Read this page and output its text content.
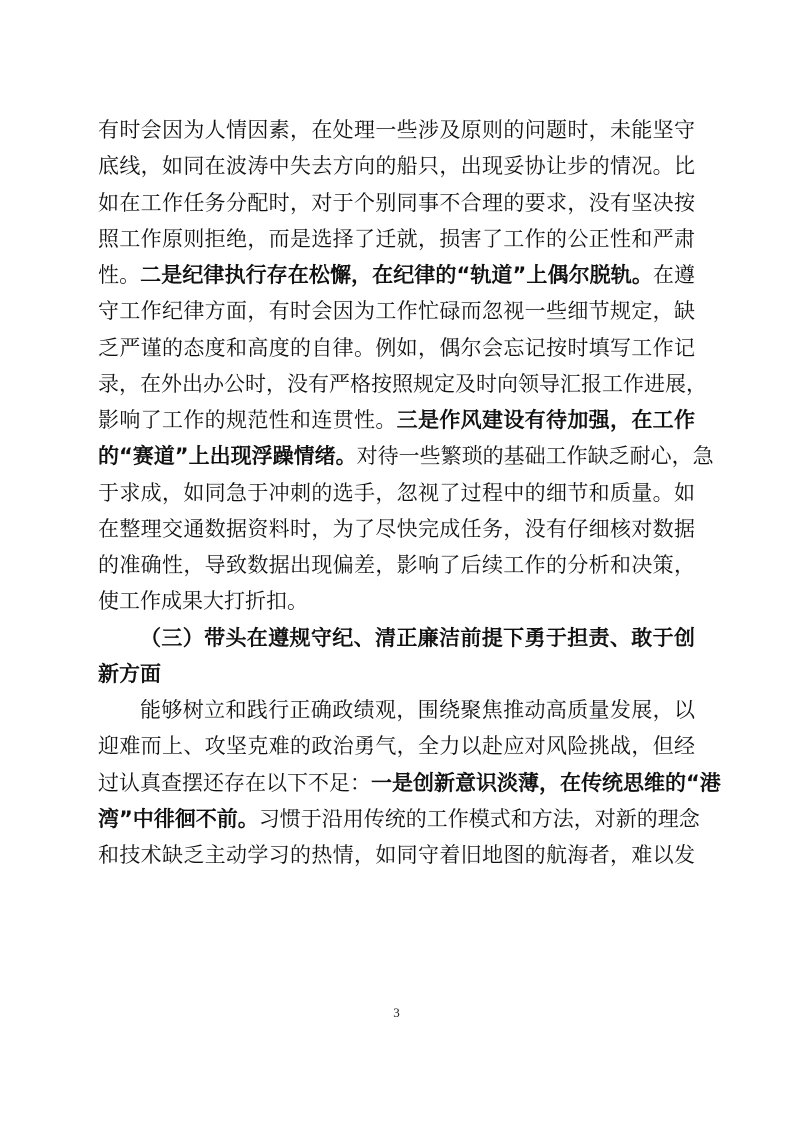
有时会因为人情因素，在处理一些涉及原则的问题时，未能坚守
底线，如同在波涛中失去方向的船只，出现妥协让步的情况。比
如在工作任务分配时，对于个别同事不合理的要求，没有坚决按
照工作原则拒绝，而是选择了迁就，损害了工作的公正性和严肃
性。二是纪律执行存在松懈，在纪律的“轨道”上偶尔脱轨。在遵
守工作纪律方面，有时会因为工作忙碌而忽视一些细节规定，缺
乏严谨的态度和高度的自律。例如，偶尔会忘记按时填写工作记
录，在外出办公时，没有严格按照规定及时向领导汇报工作进展，
影响了工作的规范性和连贯性。三是作风建设有待加强，在工作
的“赛道”上出现浮躁情绪。对待一些繁琐的基础工作缺乏耐心，急
于求成，如同急于冲刺的选手，忽视了过程中的细节和质量。如
在整理交通数据资料时，为了尽快完成任务，没有仔细核对数据
的准确性，导致数据出现偏差，影响了后续工作的分析和决策，
使工作成果大打折扣。
（三）带头在遵规守纪、清正廉洁前提下勇于担责、敢于创
新方面
能够树立和践行正确政绩观，围绕聚焦推动高质量发展，以
迎难而上、攻坚克难的政治勇气，全力以赴应对风险挑战，但经
过认真查摆还存在以下不足：一是创新意识淡薄，在传统思维的“港
湾”中徘徊不前。习惯于沿用传统的工作模式和方法，对新的理念
和技术缺乏主动学习的热情，如同守着旧地图的航海者，难以发
3
